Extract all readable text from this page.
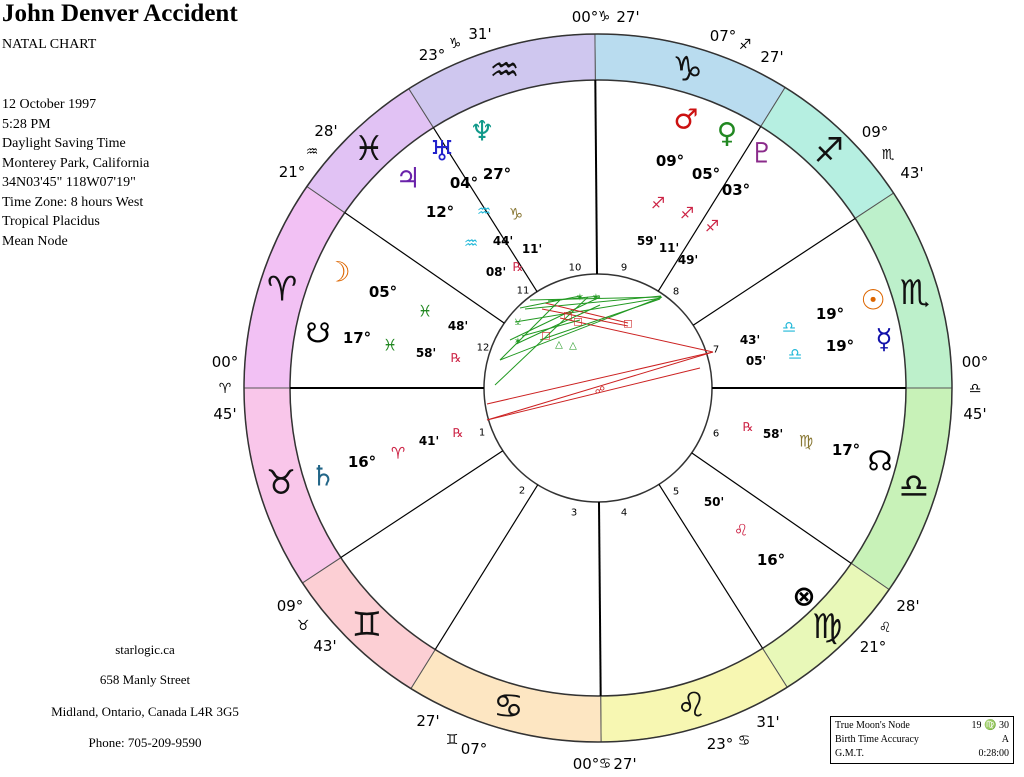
John Denver Accident
NATAL CHART
12 October 1997
5:28 PM
Daylight Saving Time
Monterey Park, California
34N03'45" 118W07'19"
Time Zone: 8 hours West
Tropical Placidus
Mean Node
starlogic.ca
658 Manly Street
Midland, Ontario, Canada L4R 3G5
Phone: 705-209-9590
True Moon's Node	19 ♍ 30
Birth Time Accuracy	A
G.M.T.	0:28:00
♑
♐
♏
♎
♍
♌
♋
♊
♉
♈
♓
♒
10	9
8
7
6
5
4
3
2
1
12
11
00° ♑ 27'
07° ♐
27'
09°
♏
43'
00°
♎
45'
21°
♌
28'
23° ♋
31'
00° ♋ 27'
07°
♊
27'
09°
♉
43'
00°
♈
45'
21°
♒
28'
23°
♑
31'
♂
09°
♐
59'
♀
05°
♐
11'
♇
03°
♐
49'
♆
27°
♑
11'
♅
04°
♒
44'
℞
♃
12°
♒
08'
☽
05°
♓
48'
☋ 17° ♓ 58' ℞
♄ 16° ♈
41'
℞
☉
19°
♎
43'	☿
19°
♎
05'
☊
17°
♍
58'
℞
⊗
16°
♌
50'
□
□	□
□
△ △
✶ ✶
⚺
✶
☍
